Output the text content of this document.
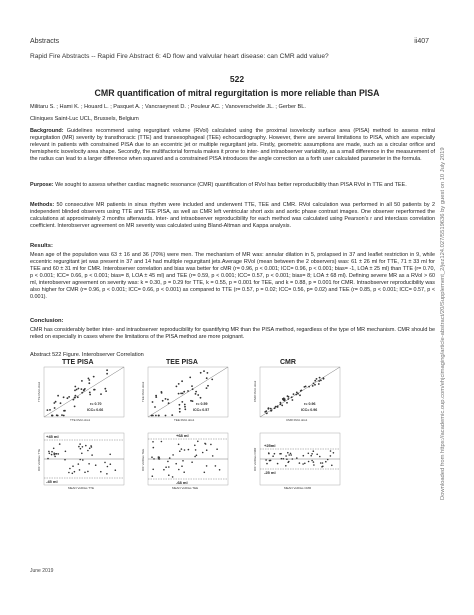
Abstracts	ii407
Rapid Fire Abstracts -- Rapid Fire Abstract 6: 4D flow and valvular heart disease: can CMR add value?
522
CMR quantification of mitral regurgitation is more reliable than PISA
Militaru S. ; Hami K. ; Houard L. ; Pasquet A. ; Vancraeynest D. ; Pouleur AC. ; Vanoverschelde JL. ; Gerber BL.
Cliniques Saint-Luc UCL, Brussels, Belgium
Background: Guidelines recommend using regurgitant volume (RVol) calculated using the proximal isovelocity surface area (PISA) method to assess mitral regurgitation (MR) severity by transthoracic (TTE) and transesophageal (TEE) echocardiography. However, there are several limitations to PISA, which are especially relevant in patients with constrained PISA due to an eccentric jet or multiple regurgitant jets. Firstly, geometric assumptions are made, such as a circular orifice and hemispheric isovelocity area shape. Secondly, the multifactorial formula makes it prone to inter- and intraobserver variability, as a small difference in the measurement of the radius can lead to a larger difference when squared and a constrained PISA introduces the angle correction as a forth user calculated parameter in the formula.
Purpose: We sought to assess whether cardiac magnetic resonance (CMR) quantification of RVol has better reproducibility than PISA RVol in TTE and TEE.
Methods: 50 consecutive MR patients in sinus rhythm were included and underwent TTE, TEE and CMR. RVol calculation was performed in all 50 patients by 2 independent blinded observers using TTE and TEE PISA, as well as CMR left ventricular short axis and aortic phase contrast images. One observer reperformed the calculations at approximately 2 months afterwards. Inter- and intraobserver reproducibility for each method was calculated using Pearson's r and interclass correlation coefficient. Interobserver agreement on MR severity was calculated using Bland-Altman and Kappa analysis.
Results:
Mean age of the population was 63 ± 16 and 36 (70%) were men. The mechanism of MR was: annular dilation in 5, prolapsed in 37 and leaflet restriction in 9, while eccentric regurgitant jet was present in 37 and 14 had multiple regurgitant jets.Average RVol (mean between the 2 observers) was: 61 ± 26 ml for TTE, 71 ± 33 ml for TEE and 60 ± 31 ml for CMR. Interobserver correlation and bias was better for cMR (r= 0.96, p < 0.001; ICC= 0.96, p < 0.001; bias= -1, LOA ± 25 ml) than TTE (r= 0.70, p < 0.001; ICC= 0.66, p < 0.001; bias= 8, LOA ± 45 ml) and TEE (r= 0.59, p < 0.001; ICC= 0.57, p < 0.001; bias= 8; LOA ± 68 ml). Defining severe MR as a RVol > 60 ml, interobserver agreement on severity was: k = 0.30, p = 0.29 for TTE, k = 0.55, p = 0.001 for TEE, and k = 0.88, p = 0.001 for CMR. Intraobserver reproducibility was also higher for CMR (r= 0.96, p < 0.001; ICC= 0.66, p < 0.001) as compared to TTE (r= 0.57, p = 0.02; ICC= 0.56, p= 0.02) and TEE (r= 0.85, p < 0.001; ICC= 0.57, p < 0.001).
Conclusion:
CMR has considerably better inter- and intraobserver reproducibility for quantifying MR than the PISA method, regardless of the type of MR mechanism. CMR should be relied on especially in cases where the limitations of the PISA method are more poignant.
Abstract 522 Figure. Interobserver Correlation
TTE PISA
r= 0.70
ICC= 0.66
TTE RVol obs1
TTE RVol obs2
TEE PISA
r= 0.59
ICC= 0.57
TEE RVol obs1
TEE RVol obs2
CMR
r= 0.96
ICC= 0.96
CMR RVol obs1
CMR RVol obs2
+45 ml
-45 ml
MEAN VolDiss TTE
DIF VolDiss TTE
+68 ml
-68 ml
MEAN VolDiss TEE
DIF VolDiss TEE
+25ml
-25 ml
MEAN VolDiss CMR
DIF VolDiss CMR
June 2019
Downloaded from https://academic.oup.com/ehjcimaging/article-abstract/20/Supplement_2/jez124.027/5519636 by guest on 10 July 2019
